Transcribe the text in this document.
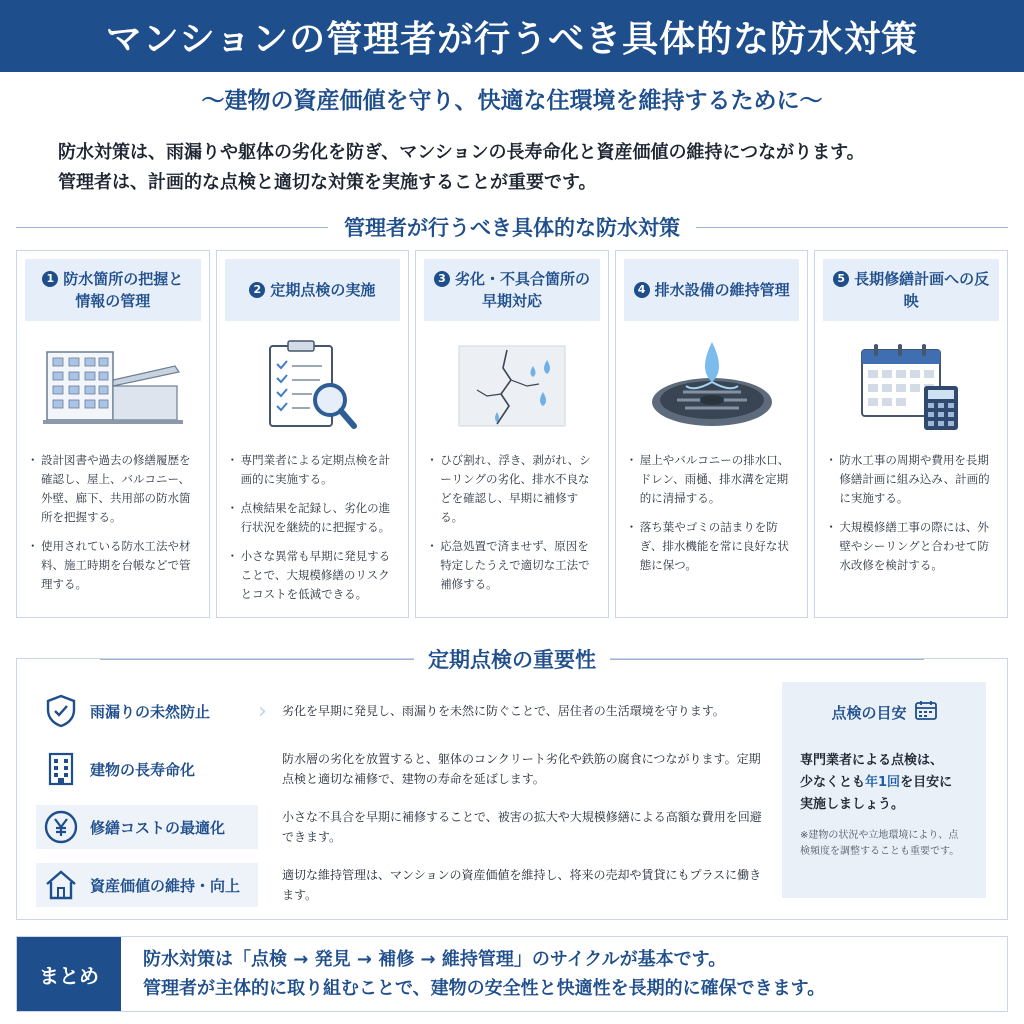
マンションの管理者が行うべき具体的な防水対策
〜建物の資産価値を守り、快適な住環境を維持するために〜
防水対策は、雨漏りや躯体の劣化を防ぎ、マンションの長寿命化と資産価値の維持につながります。
管理者は、計画的な点検と適切な対策を実施することが重要です。
管理者が行うべき具体的な防水対策
1 防水箇所の把握と
情報の管理
・ 設計図書や過去の修繕履歴を確認し、屋上、バルコニー、外壁、廊下、共用部の防水箇所を把握する。
・ 使用されている防水工法や材料、施工時期を台帳などで管理する。
2 定期点検の実施
・ 専門業者による定期点検を計画的に実施する。
・ 点検結果を記録し、劣化の進行状況を継続的に把握する。
・ 小さな異常も早期に発見することで、大規模修繕のリスクとコストを低減できる。
3 劣化・不具合箇所の
早期対応
・ ひび割れ、浮き、剥がれ、シーリングの劣化、排水不良などを確認し、早期に補修する。
・ 応急処置で済ませず、原因を特定したうえで適切な工法で補修する。
4 排水設備の維持管理
・ 屋上やバルコニーの排水口、ドレン、雨樋、排水溝を定期的に清掃する。
・ 落ち葉やゴミの詰まりを防ぎ、排水機能を常に良好な状態に保つ。
5 長期修繕計画への反映
・ 防水工事の周期や費用を長期修繕計画に組み込み、計画的に実施する。
・ 大規模修繕工事の際には、外壁やシーリングと合わせて防水改修を検討する。
定期点検の重要性
雨漏りの未然防止 ›	劣化を早期に発見し、雨漏りを未然に防ぐことで、居住者の生活環境を守ります。
建物の長寿命化
防水層の劣化を放置すると、躯体のコンクリート劣化や鉄筋の腐食につながります。定期点検と適切な補修で、建物の寿命を延ばします。
修繕コストの最適化
小さな不具合を早期に補修することで、被害の拡大や大規模修繕による高額な費用を回避できます。
資産価値の維持・向上
適切な維持管理は、マンションの資産価値を維持し、将来の売却や賃貸にもプラスに働きます。
点検の目安
専門業者による点検は、
少なくとも年1回を目安に
実施しましょう。
※建物の状況や立地環境により、点検頻度を調整することも重要です。
まとめ
防水対策は「点検 → 発見 → 補修 → 維持管理」のサイクルが基本です。
管理者が主体的に取り組むことで、建物の安全性と快適性を長期的に確保できます。
